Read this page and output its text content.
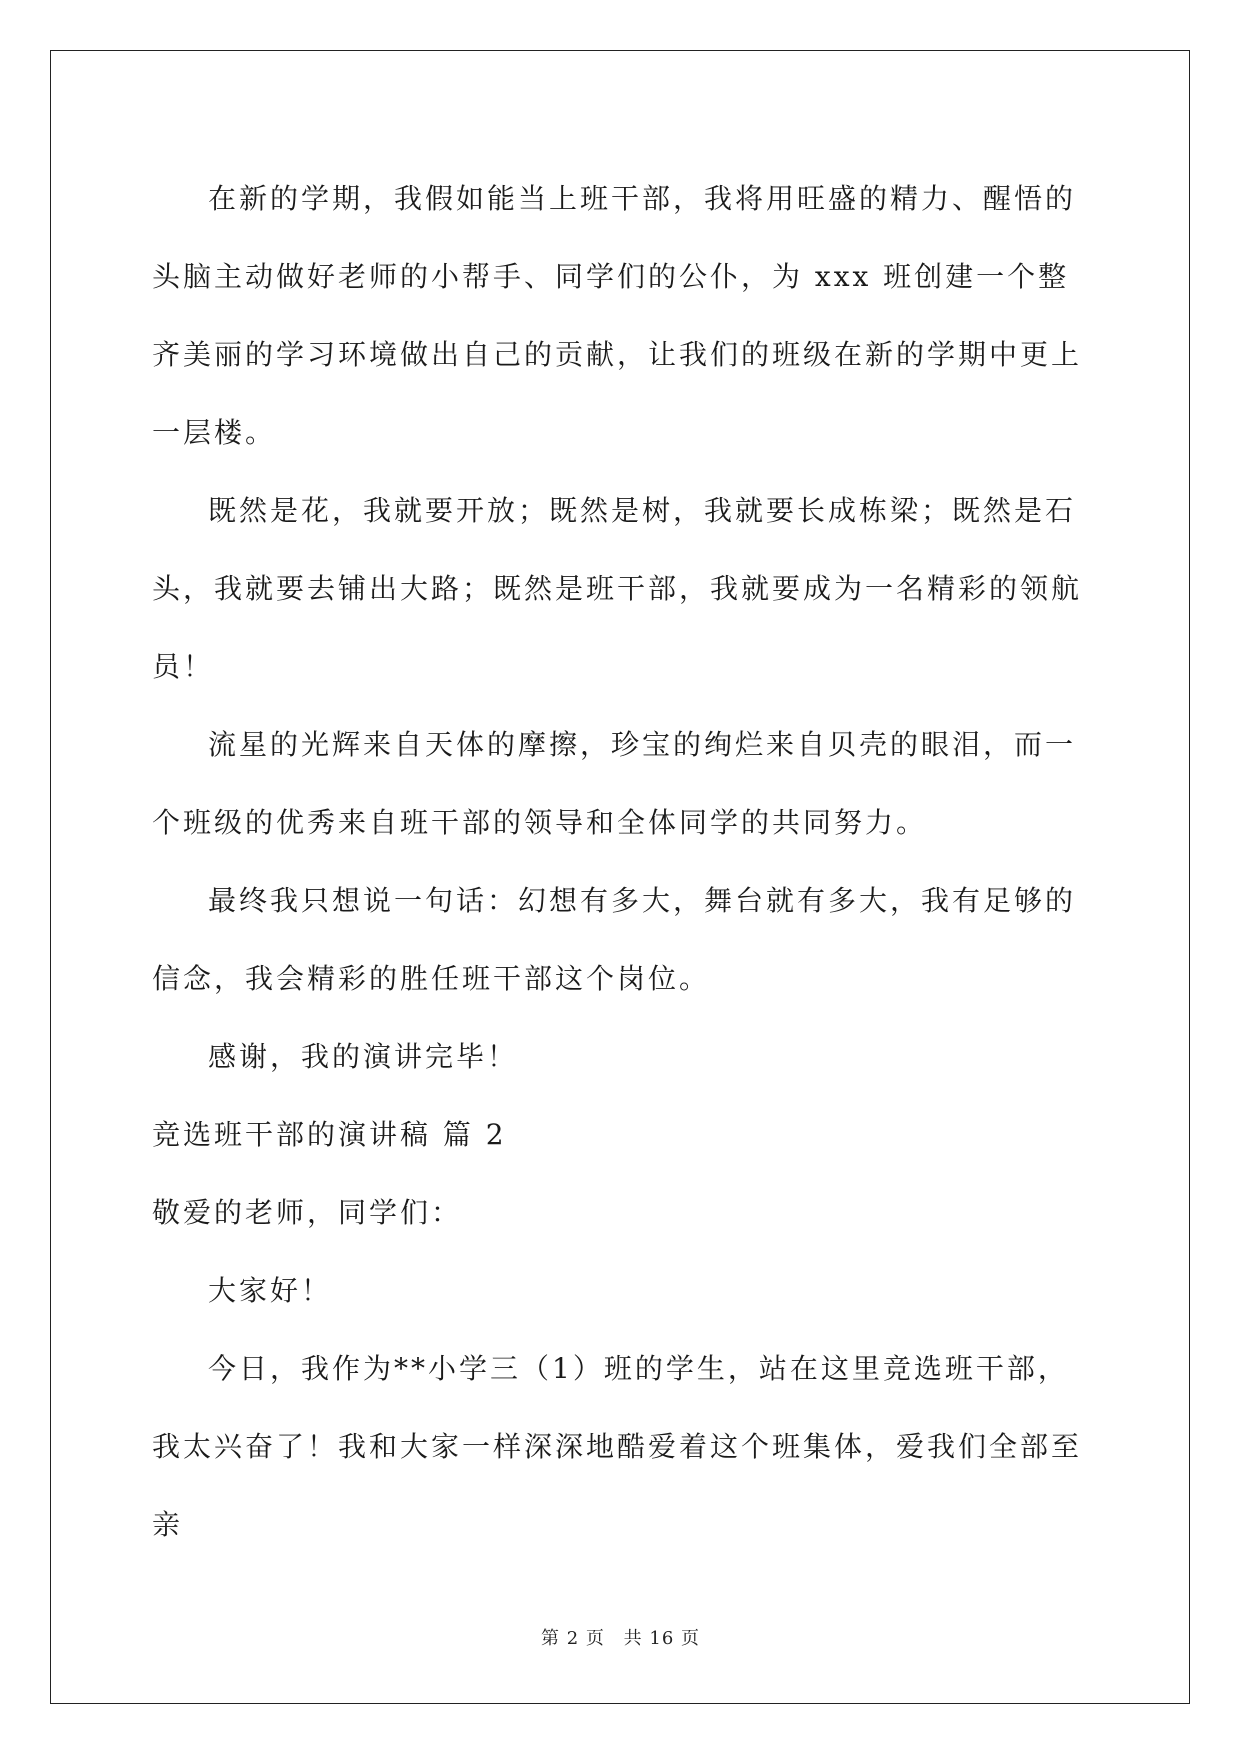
在新的学期，我假如能当上班干部，我将用旺盛的精力、醒悟的头脑主动做好老师的小帮手、同学们的公仆，为 xxx 班创建一个整齐美丽的学习环境做出自己的贡献，让我们的班级在新的学期中更上一层楼。

既然是花，我就要开放；既然是树，我就要长成栋梁；既然是石头，我就要去铺出大路；既然是班干部，我就要成为一名精彩的领航员！

流星的光辉来自天体的摩擦，珍宝的绚烂来自贝壳的眼泪，而一个班级的优秀来自班干部的领导和全体同学的共同努力。

最终我只想说一句话：幻想有多大，舞台就有多大，我有足够的信念，我会精彩的胜任班干部这个岗位。

感谢，我的演讲完毕！

竞选班干部的演讲稿 篇 2

敬爱的老师，同学们：

大家好！

今日，我作为**小学三（1）班的学生，站在这里竞选班干部，我太兴奋了！我和大家一样深深地酷爱着这个班集体，爱我们全部至亲

第 2 页 共 16 页
